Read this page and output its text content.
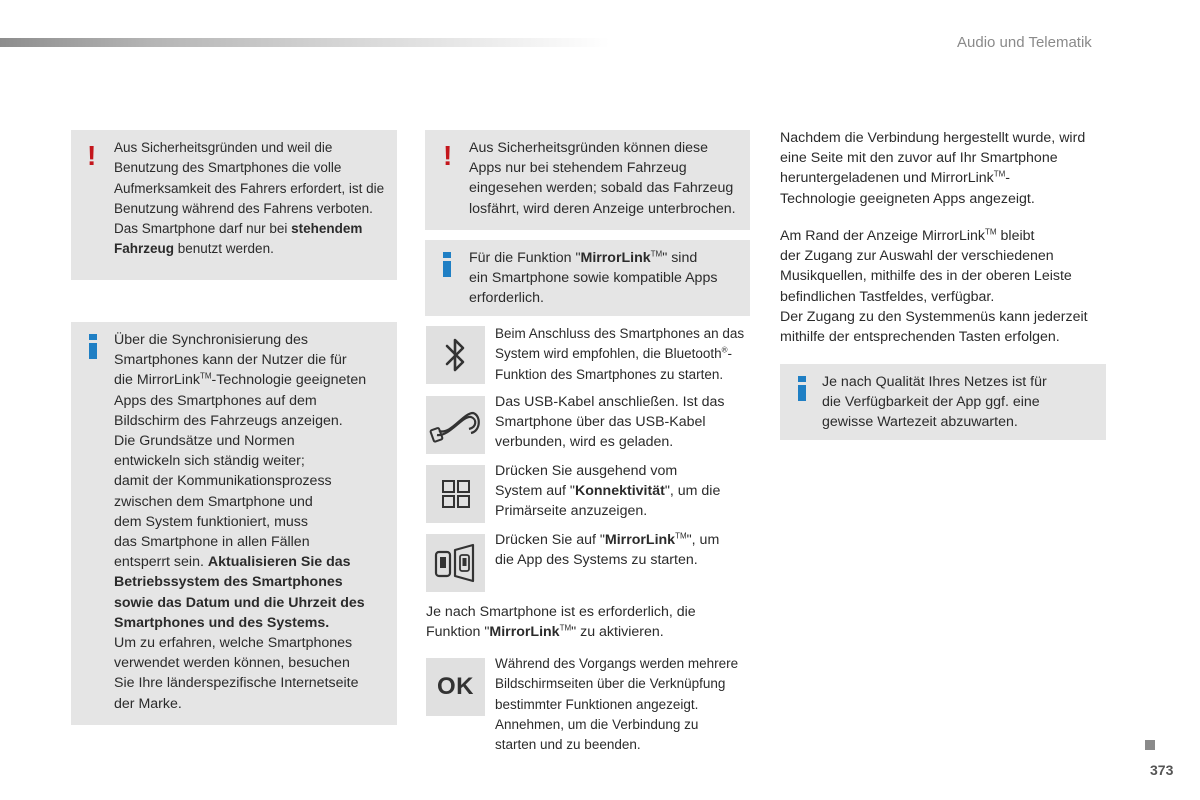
Audio und Telematik
! Aus Sicherheitsgründen und weil die
Benutzung des Smartphones die volle
Aufmerksamkeit des Fahrers erfordert, ist die
Benutzung während des Fahrens verboten.
Das Smartphone darf nur bei stehendem
Fahrzeug benutzt werden.
Über die Synchronisierung des
Smartphones kann der Nutzer die für
die MirrorLink™-Technologie geeigneten
Apps des Smartphones auf dem
Bildschirm des Fahrzeugs anzeigen.
Die Grundsätze und Normen
entwickeln sich ständig weiter;
damit der Kommunikationsprozess
zwischen dem Smartphone und
dem System funktioniert, muss
das Smartphone in allen Fällen
entsperrt sein. Aktualisieren Sie das
Betriebssystem des Smartphones
sowie das Datum und die Uhrzeit des
Smartphones und des Systems.
Um zu erfahren, welche Smartphones
verwendet werden können, besuchen
Sie Ihre länderspezifische Internetseite
der Marke.
! Aus Sicherheitsgründen können diese
Apps nur bei stehendem Fahrzeug
eingesehen werden; sobald das Fahrzeug
losfährt, wird deren Anzeige unterbrochen.
Für die Funktion "MirrorLink™" sind
ein Smartphone sowie kompatible Apps
erforderlich.
Beim Anschluss des Smartphones an das
System wird empfohlen, die Bluetooth®-
Funktion des Smartphones zu starten.
Das USB-Kabel anschließen. Ist das
Smartphone über das USB-Kabel
verbunden, wird es geladen.
Drücken Sie ausgehend vom
System auf "Konnektivität", um die
Primärseite anzuzeigen.
Drücken Sie auf "MirrorLink™", um
die App des Systems zu starten.
Je nach Smartphone ist es erforderlich, die
Funktion "MirrorLink™" zu aktivieren.
OK
Während des Vorgangs werden mehrere
Bildschirmseiten über die Verknüpfung
bestimmter Funktionen angezeigt.
Annehmen, um die Verbindung zu
starten und zu beenden.
Nachdem die Verbindung hergestellt wurde, wird
eine Seite mit den zuvor auf Ihr Smartphone
heruntergeladenen und MirrorLink™-
Technologie geeigneten Apps angezeigt.
Am Rand der Anzeige MirrorLink™ bleibt
der Zugang zur Auswahl der verschiedenen
Musikquellen, mithilfe des in der oberen Leiste
befindlichen Tastfeldes, verfügbar.
Der Zugang zu den Systemmenüs kann jederzeit
mithilfe der entsprechenden Tasten erfolgen.
Je nach Qualität Ihres Netzes ist für
die Verfügbarkeit der App ggf. eine
gewisse Wartezeit abzuwarten.
373
